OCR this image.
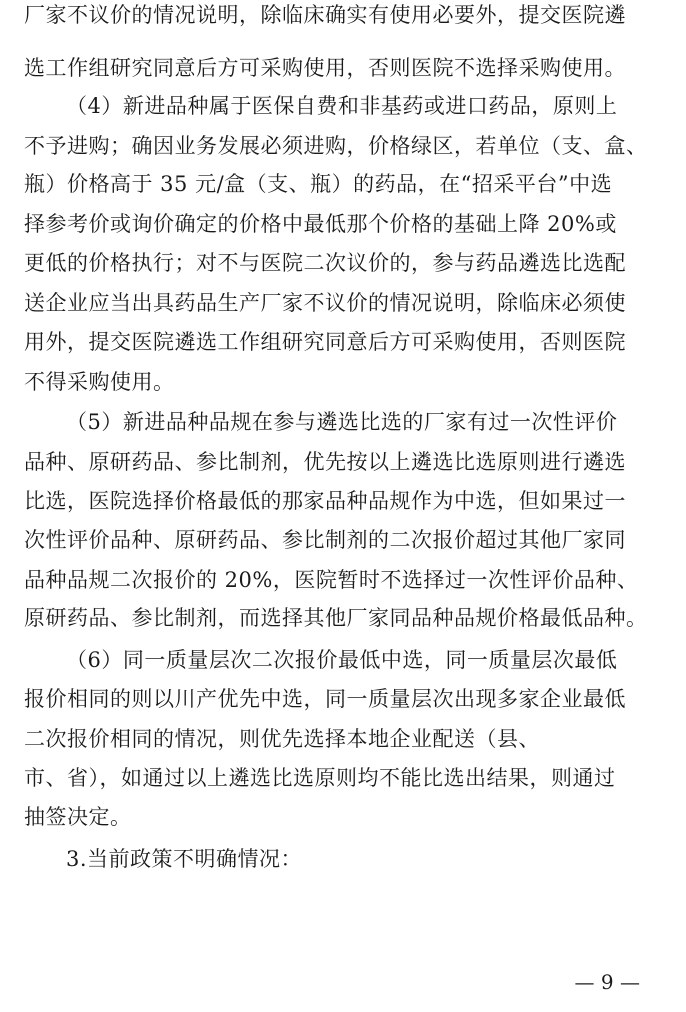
厂家不议价的情况说明，除临床确实有使用必要外，提交医院遴
选工作组研究同意后方可采购使用，否则医院不选择采购使用。
（4）新进品种属于医保自费和非基药或进口药品，原则上
不予进购；确因业务发展必须进购，价格绿区，若单位（支、盒、
瓶）价格高于 35 元/盒（支、瓶）的药品，在“招采平台”中选
择参考价或询价确定的价格中最低那个价格的基础上降 20%或
更低的价格执行；对不与医院二次议价的，参与药品遴选比选配
送企业应当出具药品生产厂家不议价的情况说明，除临床必须使
用外，提交医院遴选工作组研究同意后方可采购使用，否则医院
不得采购使用。
（5）新进品种品规在参与遴选比选的厂家有过一次性评价
品种、原研药品、参比制剂，优先按以上遴选比选原则进行遴选
比选，医院选择价格最低的那家品种品规作为中选，但如果过一
次性评价品种、原研药品、参比制剂的二次报价超过其他厂家同
品种品规二次报价的 20%，医院暂时不选择过一次性评价品种、
原研药品、参比制剂，而选择其他厂家同品种品规价格最低品种。
（6）同一质量层次二次报价最低中选，同一质量层次最低
报价相同的则以川产优先中选，同一质量层次出现多家企业最低
二次报价相同的情况，则优先选择本地企业配送（县、
市、省），如通过以上遴选比选原则均不能比选出结果，则通过
抽签决定。
3.当前政策不明确情况：
— 9 —
